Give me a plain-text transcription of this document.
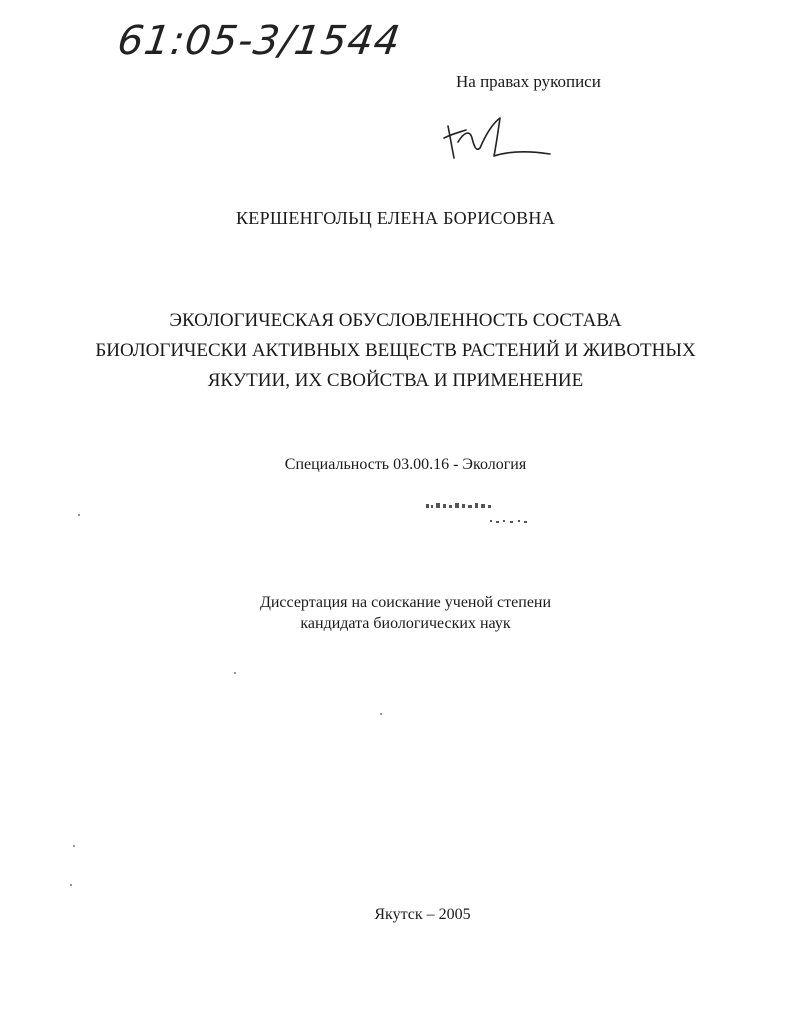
61:05-3/1544
На правах рукописи
КЕРШЕНГОЛЬЦ ЕЛЕНА БОРИСОВНА
ЭКОЛОГИЧЕСКАЯ ОБУСЛОВЛЕННОСТЬ СОСТАВА
БИОЛОГИЧЕСКИ АКТИВНЫХ ВЕЩЕСТВ РАСТЕНИЙ И ЖИВОТНЫХ
ЯКУТИИ, ИХ СВОЙСТВА И ПРИМЕНЕНИЕ
Специальность 03.00.16 - Экология
Диссертация на соискание ученой степени
кандидата биологических наук
Якутск – 2005
